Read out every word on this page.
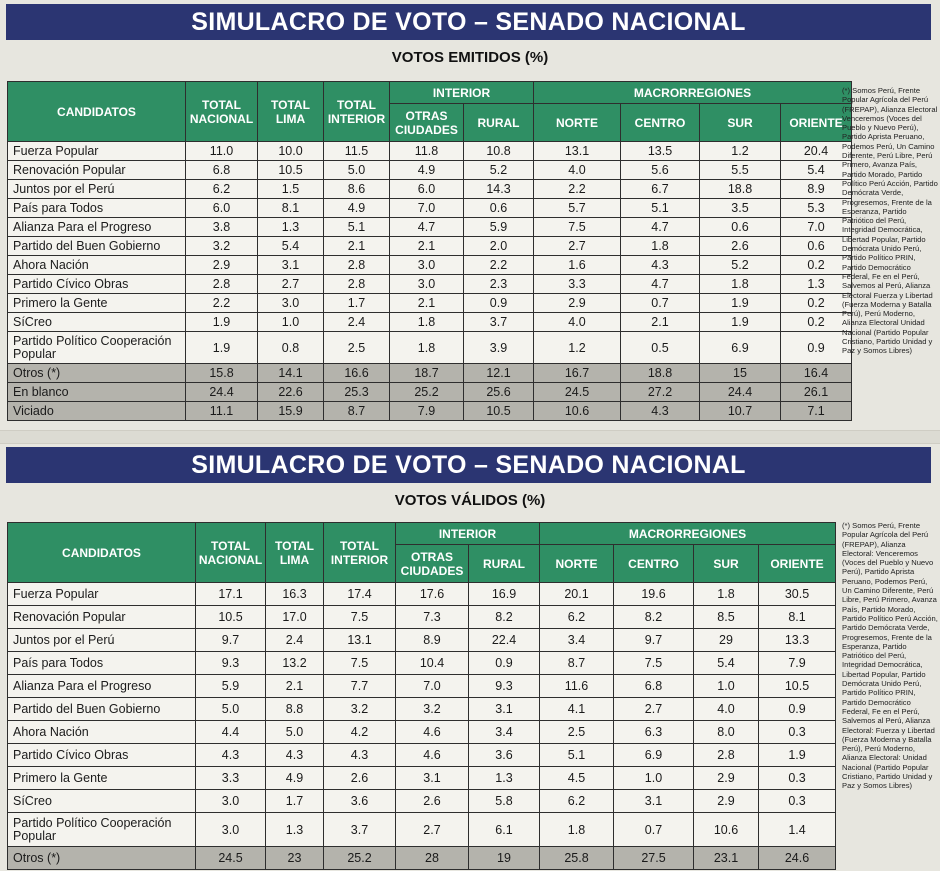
SIMULACRO DE VOTO – SENADO NACIONAL
VOTOS EMITIDOS (%)
CANDIDATOS	TOTAL NACIONAL	TOTAL LIMA	TOTAL INTERIOR	INTERIOR		MACRORREGIONES			
				OTRAS CIUDADES	RURAL	NORTE	CENTRO	SUR	ORIENTE
Fuerza Popular	11.0	10.0	11.5	11.8	10.8	13.1	13.5	1.2	20.4
Renovación Popular	6.8	10.5	5.0	4.9	5.2	4.0	5.6	5.5	5.4
Juntos por el Perú	6.2	1.5	8.6	6.0	14.3	2.2	6.7	18.8	8.9
País para Todos	6.0	8.1	4.9	7.0	0.6	5.7	5.1	3.5	5.3
Alianza Para el Progreso	3.8	1.3	5.1	4.7	5.9	7.5	4.7	0.6	7.0
Partido del Buen Gobierno	3.2	5.4	2.1	2.1	2.0	2.7	1.8	2.6	0.6
Ahora Nación	2.9	3.1	2.8	3.0	2.2	1.6	4.3	5.2	0.2
Partido Cívico Obras	2.8	2.7	2.8	3.0	2.3	3.3	4.7	1.8	1.3
Primero la Gente	2.2	3.0	1.7	2.1	0.9	2.9	0.7	1.9	0.2
SíCreo	1.9	1.0	2.4	1.8	3.7	4.0	2.1	1.9	0.2
Partido Político Cooperación Popular	1.9	0.8	2.5	1.8	3.9	1.2	0.5	6.9	0.9
Otros (*)	15.8	14.1	16.6	18.7	12.1	16.7	18.8	15	16.4
En blanco	24.4	22.6	25.3	25.2	25.6	24.5	27.2	24.4	26.1
Viciado	11.1	15.9	8.7	7.9	10.5	10.6	4.3	10.7	7.1
(*) Somos Perú, Frente Popular Agrícola del Perú (FREPAP), Alianza Electoral Venceremos (Voces del Pueblo y Nuevo Perú), Partido Aprista Peruano, Podemos Perú, Un Camino Diferente, Perú Libre, Perú Primero, Avanza País, Partido Morado, Partido Político Perú Acción, Partido Demócrata Verde, Progresemos, Frente de la Esperanza, Partido Patriótico del Perú, Integridad Democrática, Libertad Popular, Partido Demócrata Unido Perú, Partido Político PRIN, Partido Democrático Federal, Fe en el Perú, Salvemos al Perú, Alianza Electoral Fuerza y Libertad (Fuerza Moderna y Batalla Perú), Perú Moderno, Alianza Electoral Unidad Nacional (Partido Popular Cristiano, Partido Unidad y Paz y Somos Libres)
SIMULACRO DE VOTO – SENADO NACIONAL
VOTOS VÁLIDOS (%)
CANDIDATOS	TOTAL NACIONAL	TOTAL LIMA	TOTAL INTERIOR	INTERIOR		MACRORREGIONES			
				OTRAS CIUDADES	RURAL	NORTE	CENTRO	SUR	ORIENTE
Fuerza Popular	17.1	16.3	17.4	17.6	16.9	20.1	19.6	1.8	30.5
Renovación Popular	10.5	17.0	7.5	7.3	8.2	6.2	8.2	8.5	8.1
Juntos por el Perú	9.7	2.4	13.1	8.9	22.4	3.4	9.7	29	13.3
País para Todos	9.3	13.2	7.5	10.4	0.9	8.7	7.5	5.4	7.9
Alianza Para el Progreso	5.9	2.1	7.7	7.0	9.3	11.6	6.8	1.0	10.5
Partido del Buen Gobierno	5.0	8.8	3.2	3.2	3.1	4.1	2.7	4.0	0.9
Ahora Nación	4.4	5.0	4.2	4.6	3.4	2.5	6.3	8.0	0.3
Partido Cívico Obras	4.3	4.3	4.3	4.6	3.6	5.1	6.9	2.8	1.9
Primero la Gente	3.3	4.9	2.6	3.1	1.3	4.5	1.0	2.9	0.3
SíCreo	3.0	1.7	3.6	2.6	5.8	6.2	3.1	2.9	0.3
Partido Político Cooperación Popular	3.0	1.3	3.7	2.7	6.1	1.8	0.7	10.6	1.4
Otros (*)	24.5	23	25.2	28	19	25.8	27.5	23.1	24.6
(*) Somos Perú, Frente Popular Agrícola del Perú (FREPAP), Alianza Electoral: Venceremos (Voces del Pueblo y Nuevo Perú), Partido Aprista Peruano, Podemos Perú, Un Camino Diferente, Perú Libre, Perú Primero, Avanza País, Partido Morado, Partido Político Perú Acción, Partido Demócrata Verde, Progresemos, Frente de la Esperanza, Partido Patriótico del Perú, Integridad Democrática, Libertad Popular, Partido Demócrata Unido Perú, Partido Político PRIN, Partido Democrático Federal, Fe en el Perú, Salvemos al Perú, Alianza Electoral: Fuerza y Libertad (Fuerza Moderna y Batalla Perú), Perú Moderno, Alianza Electoral: Unidad Nacional (Partido Popular Cristiano, Partido Unidad y Paz y Somos Libres)
